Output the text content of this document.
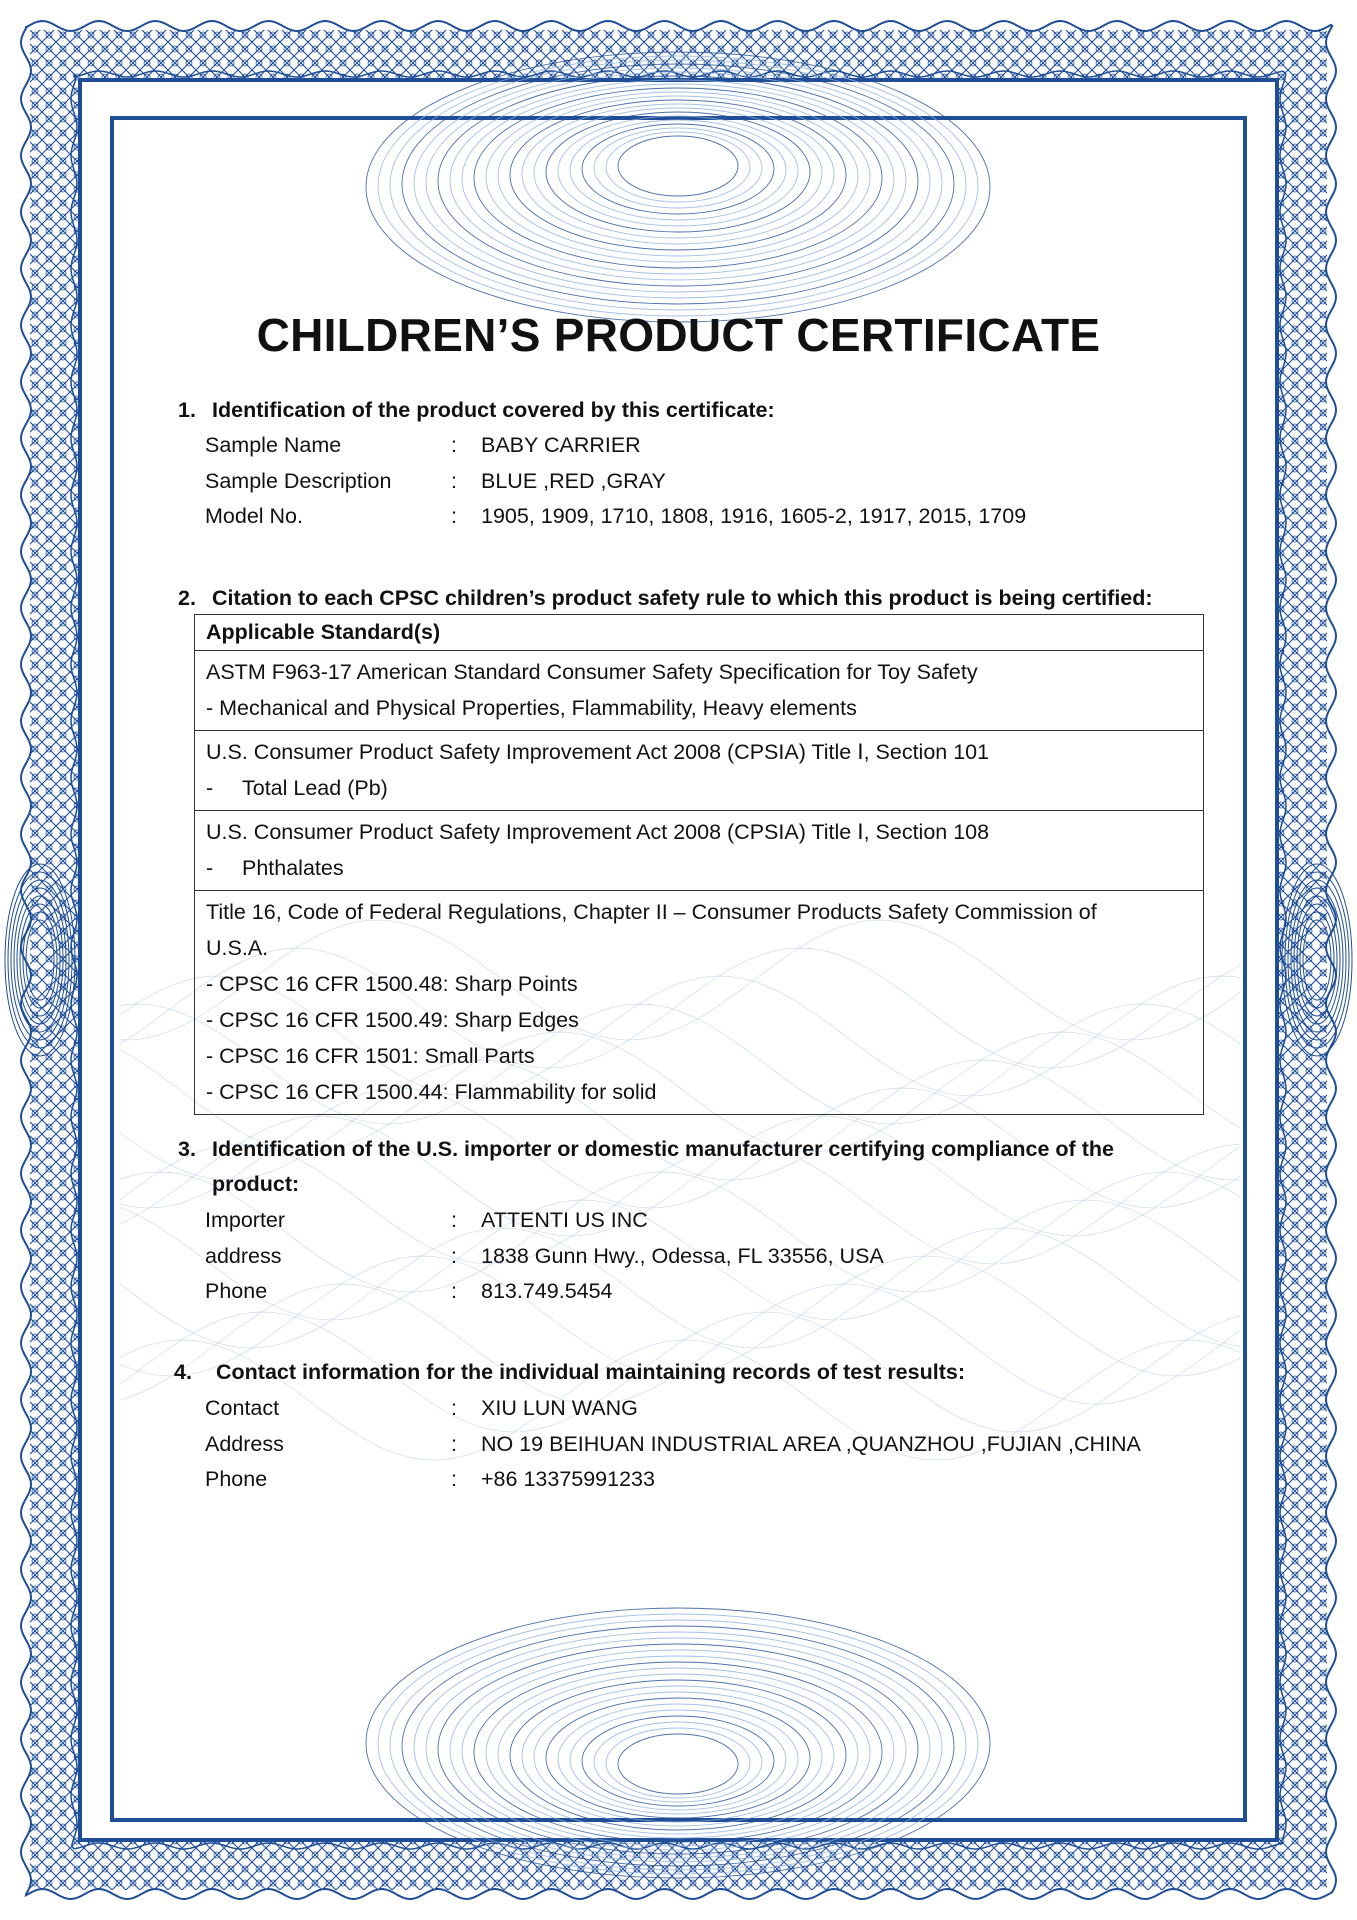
CHILDREN’S PRODUCT CERTIFICATE
1. Identification of the product covered by this certificate:
Sample Name	: BABY CARRIER
Sample Description	: BLUE ,RED ,GRAY
Model No.	: 1905, 1909, 1710, 1808, 1916, 1605-2, 1917, 2015, 1709
2. Citation to each CPSC children’s product safety rule to which this product is being certified:
Applicable Standard(s)

ASTM F963-17 American Standard Consumer Safety Specification for Toy Safety
- Mechanical and Physical Properties, Flammability, Heavy elements

U.S. Consumer Product Safety Improvement Act 2008 (CPSIA) Title Ⅰ, Section 101
- Total Lead (Pb)

U.S. Consumer Product Safety Improvement Act 2008 (CPSIA) Title Ⅰ, Section 108
- Phthalates

Title 16, Code of Federal Regulations, Chapter II – Consumer Products Safety Commission of
U.S.A.
- CPSC 16 CFR 1500.48: Sharp Points
- CPSC 16 CFR 1500.49: Sharp Edges
- CPSC 16 CFR 1501: Small Parts
- CPSC 16 CFR 1500.44: Flammability for solid
3. Identification of the U.S. importer or domestic manufacturer certifying compliance of the
product:
Importer	: ATTENTI US INC
address	: 1838 Gunn Hwy., Odessa, FL 33556, USA
Phone	: 813.749.5454
4. Contact information for the individual maintaining records of test results:
Contact	: XIU LUN WANG
Address	: NO 19 BEIHUAN INDUSTRIAL AREA ,QUANZHOU ,FUJIAN ,CHINA
Phone	: +86 13375991233
